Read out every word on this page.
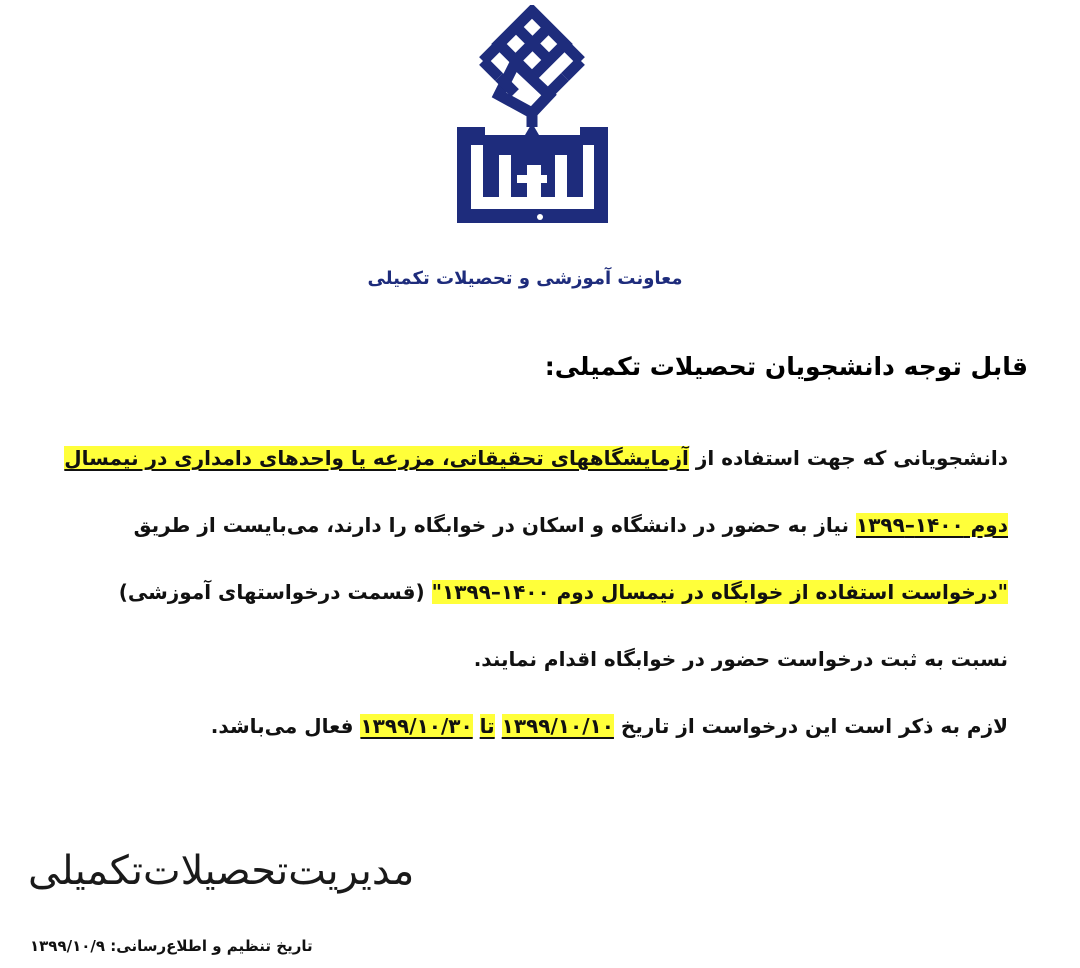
معاونت آموزشی و تحصیلات تکمیلی
قابل توجه دانشجویان تحصیلات تکمیلی:
دانشجویانی که جهت استفاده از آزمایشگاههای تحقیقاتی، مزرعه یا واحدهای دامداری در نیمسال
دوم ۱۴۰۰–۱۳۹۹ نیاز به حضور در دانشگاه و اسکان در خوابگاه را دارند، می‌بایست از طریق
"درخواست استفاده از خوابگاه در نیمسال دوم ۱۴۰۰–۱۳۹۹" (قسمت درخواستهای آموزشی)
نسبت به ثبت درخواست حضور در خوابگاه اقدام نمایند.
لازم به ذکر است این درخواست از تاریخ ۱۳۹۹/۱۰/۱۰ تا ۱۳۹۹/۱۰/۳۰ فعال می‌باشد.
مدیریت‌تحصیلات‌تکمیلی
تاریخ تنظیم و اطلاع‌رسانی: ۱۳۹۹/۱۰/۹
